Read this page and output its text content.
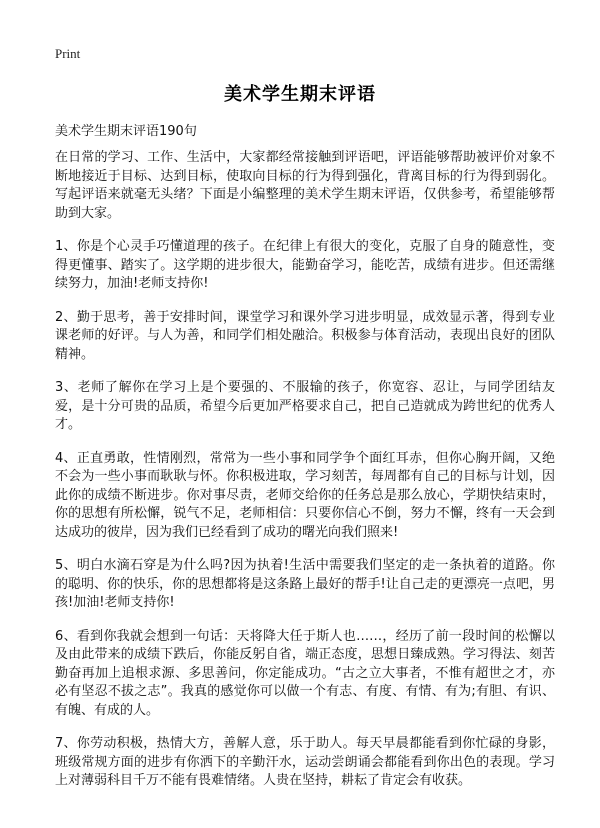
Print
美术学生期末评语
美术学生期末评语190句

在日常的学习、工作、生活中，大家都经常接触到评语吧，评语能够帮助被评价对象不断地接近于目标、达到目标，使取向目标的行为得到强化，背离目标的行为得到弱化。写起评语来就毫无头绪？下面是小编整理的美术学生期末评语，仅供参考，希望能够帮助到大家。

1、你是个心灵手巧懂道理的孩子。在纪律上有很大的变化，克服了自身的随意性，变得更懂事、踏实了。这学期的进步很大，能勤奋学习，能吃苦，成绩有进步。但还需继续努力，加油!老师支持你!

2、勤于思考，善于安排时间，课堂学习和课外学习进步明显，成效显示著，得到专业课老师的好评。与人为善，和同学们相处融洽。积极参与体育活动，表现出良好的团队精神。

3、老师了解你在学习上是个要强的、不服输的孩子，你宽容、忍让，与同学团结友爱，是十分可贵的品质，希望今后更加严格要求自己，把自己造就成为跨世纪的优秀人才。

4、正直勇敢，性情刚烈，常常为一些小事和同学争个面红耳赤，但你心胸开阔，又绝不会为一些小事而耿耿与怀。你积极进取，学习刻苦，每周都有自己的目标与计划，因此你的成绩不断进步。你对事尽责，老师交给你的任务总是那么放心，学期快结束时，你的思想有所松懈，锐气不足，老师相信：只要你信心不倒，努力不懈，终有一天会到达成功的彼岸，因为我们已经看到了成功的曙光向我们照来!

5、明白水滴石穿是为什么吗?因为执着!生活中需要我们坚定的走一条执着的道路。你的聪明、你的快乐，你的思想都将是这条路上最好的帮手!让自己走的更漂亮一点吧，男孩!加油!老师支持你!

6、看到你我就会想到一句话：天将降大任于斯人也……，经历了前一段时间的松懈以及由此带来的成绩下跌后，你能反躬自省，端正态度，思想日臻成熟。学习得法、刻苦勤奋再加上追根求源、多思善问，你定能成功。“古之立大事者，不惟有超世之才，亦必有坚忍不拔之志”。我真的感觉你可以做一个有志、有度、有情、有为;有胆、有识、有魄、有成的人。

7、你劳动积极，热情大方，善解人意，乐于助人。每天早晨都能看到你忙碌的身影，班级常规方面的进步有你洒下的辛勤汗水，运动尝朗诵会都能看到你出色的表现。学习上对薄弱科目千万不能有畏难情绪。人贵在坚持，耕耘了肯定会有收获。
